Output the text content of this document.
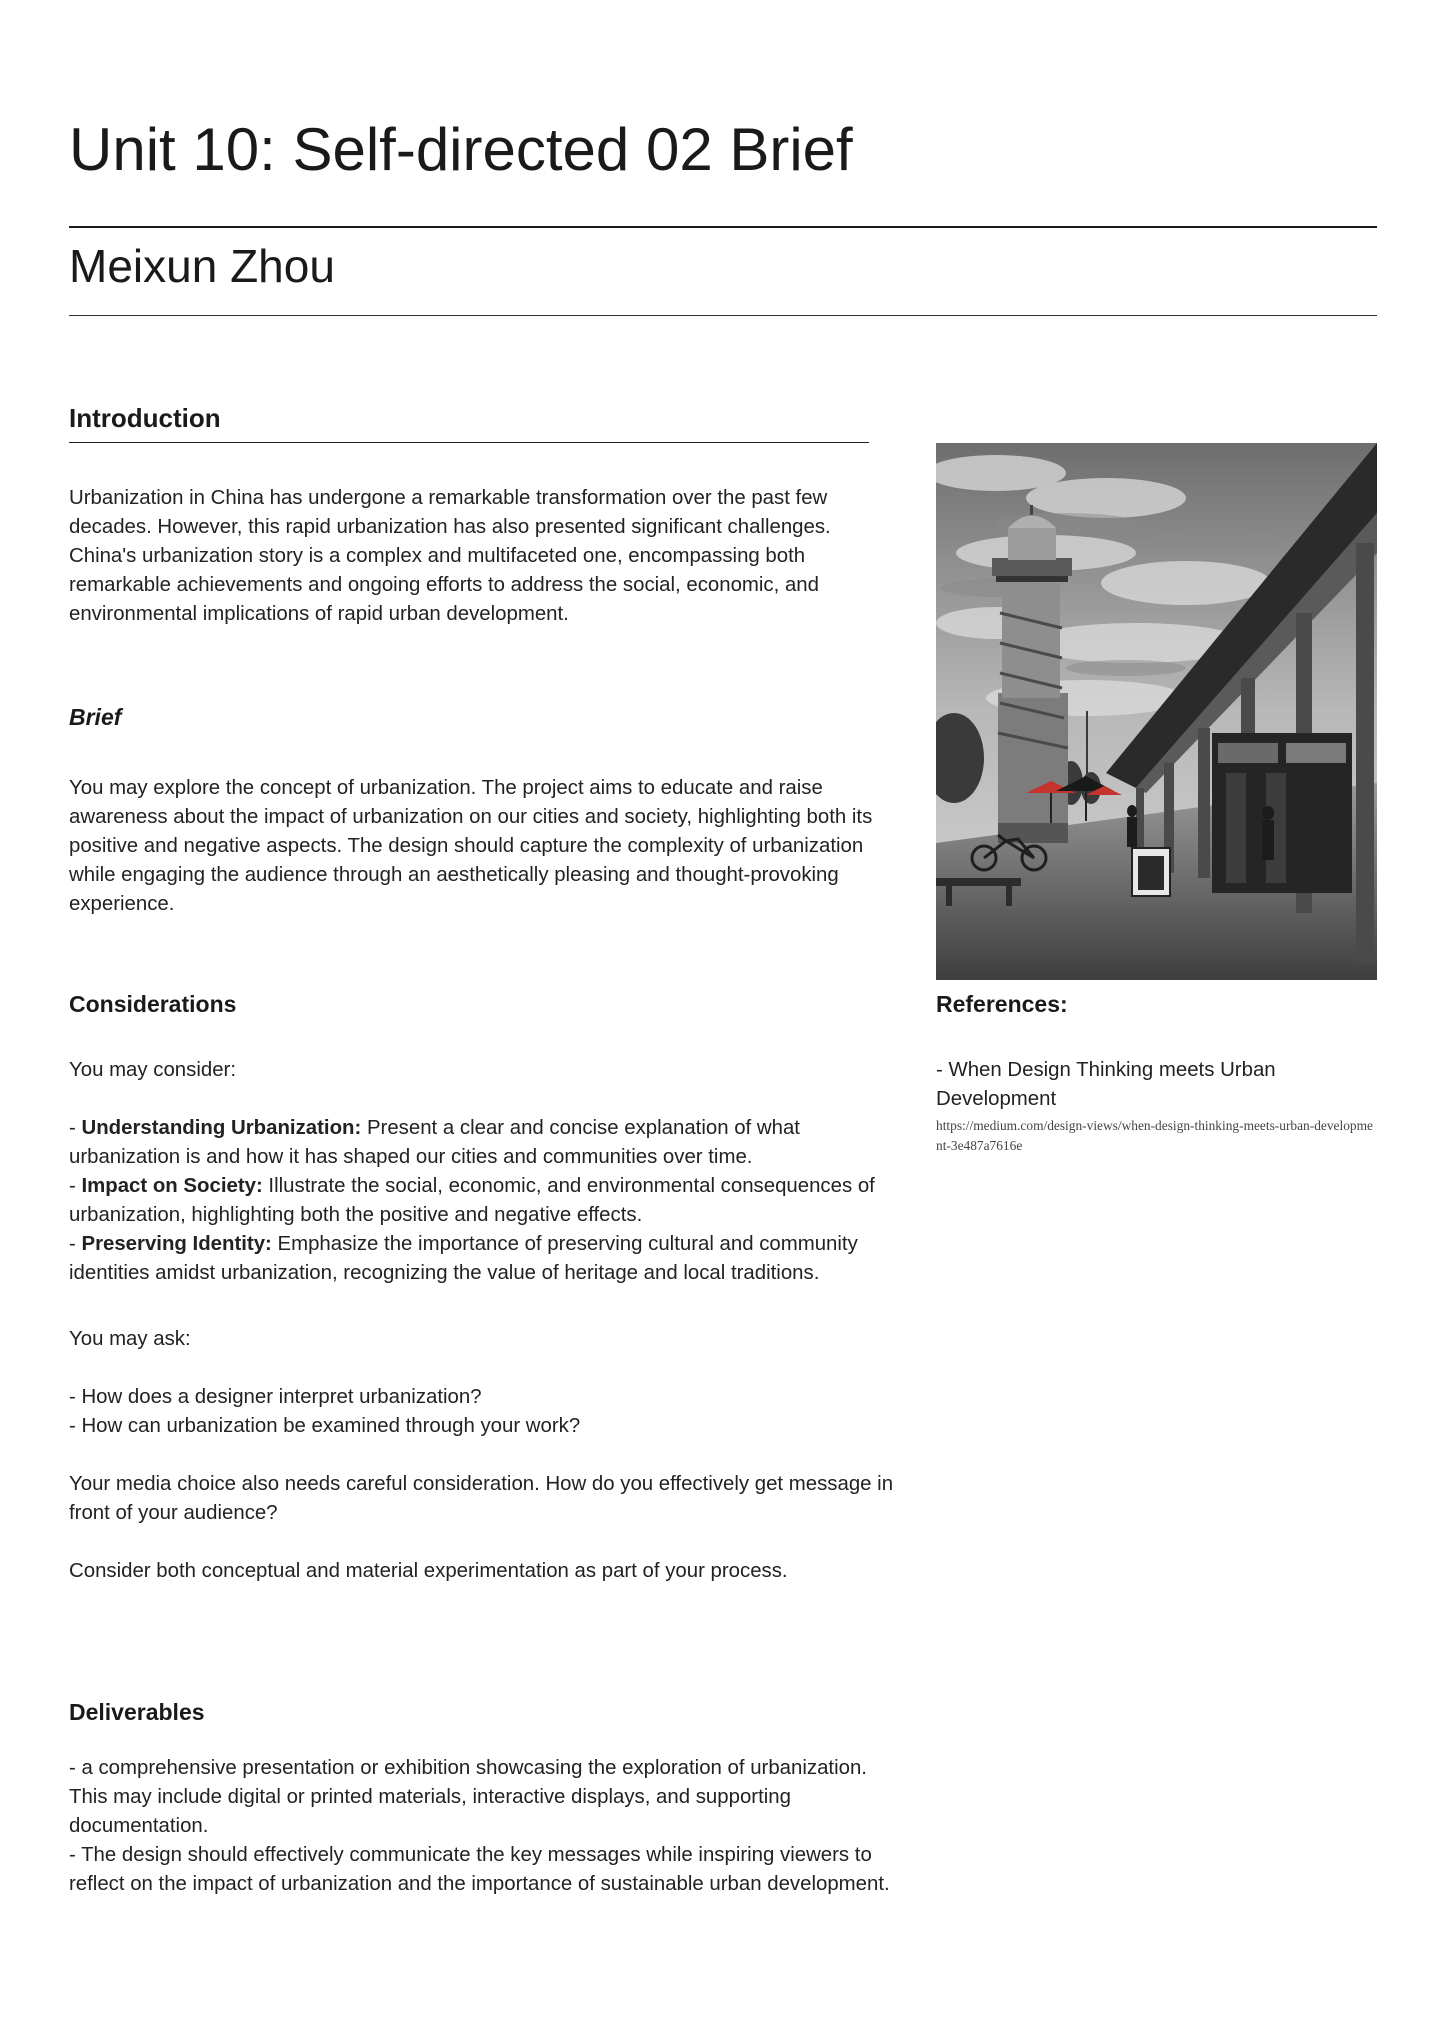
Unit 10: Self-directed 02 Brief
Meixun Zhou
Introduction
Urbanization in China has undergone a remarkable transformation over the past few decades. However, this rapid urbanization has also presented significant challenges. China's urbanization story is a complex and multifaceted one, encompassing both remarkable achievements and ongoing efforts to address the social, economic, and environmental implications of rapid urban development.
Brief
You may explore the concept of urbanization. The project aims to educate and raise awareness about the impact of urbanization on our cities and society, highlighting both its positive and negative aspects. The design should capture the complexity of urbanization while engaging the audience through an aesthetically pleasing and thought-provoking experience.
Considerations

You may consider:

- Understanding Urbanization: Present a clear and concise explanation of what urbanization is and how it has shaped our cities and communities over time.

- Impact on Society: Illustrate the social, economic, and environmental consequences of urbanization, highlighting both the positive and negative effects.

- Preserving Identity: Emphasize the importance of preserving cultural and community identities amidst urbanization, recognizing the value of heritage and local traditions.

You may ask:

- How does a designer interpret urbanization?

- How can urbanization be examined through your work?

Your media choice also needs careful consideration. How do you effectively get message in front of your audience?

Consider both conceptual and material experimentation as part of your process.

Deliverables

- a comprehensive presentation or exhibition showcasing the exploration of urbanization. This may include digital or printed materials, interactive displays, and supporting documentation.

- The design should effectively communicate the key messages while inspiring viewers to reflect on the impact of urbanization and the importance of sustainable urban development.

References:
- When Design Thinking meets Urban Development
https://medium.com/design-views/when-design-thinking-meets-urban-development-3e487a7616e
